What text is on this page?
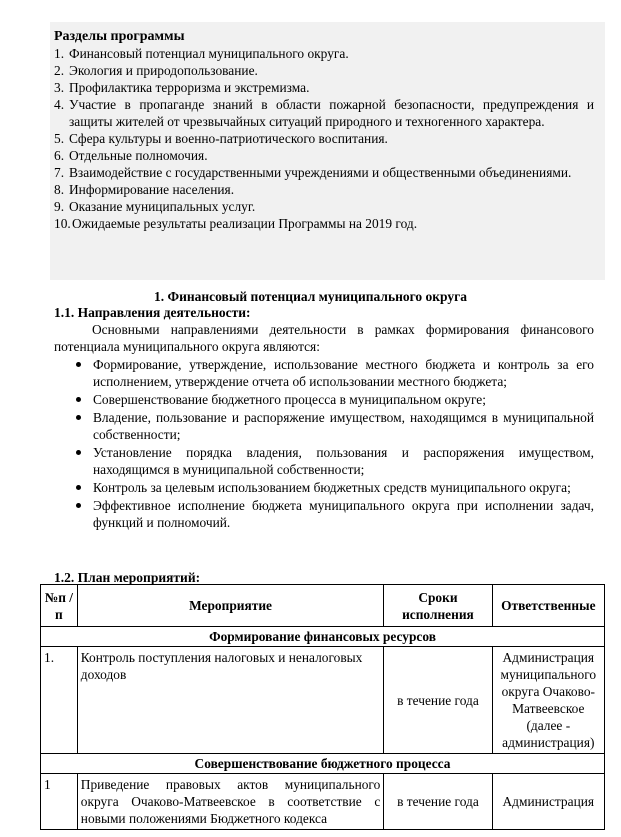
Разделы программы
1. Финансовый потенциал муниципального округа.
2. Экология и природопользование.
3. Профилактика терроризма и экстремизма.
4. Участие в пропаганде знаний в области пожарной безопасности, предупреждения и защиты жителей от чрезвычайных ситуаций природного и техногенного характера.
5. Сфера культуры и военно-патриотического воспитания.
6. Отдельные полномочия.
7. Взаимодействие с государственными учреждениями и общественными объединениями.
8. Информирование населения.
9. Оказание муниципальных услуг.
10. Ожидаемые результаты реализации Программы на 2019 год.
1. Финансовый потенциал муниципального округа
1.1. Направления деятельности:
Основными направлениями деятельности в рамках формирования финансового потенциала муниципального округа являются:
Формирование, утверждение, использование местного бюджета и контроль за его исполнением, утверждение отчета об использовании местного бюджета;
Совершенствование бюджетного процесса в муниципальном округе;
Владение, пользование и распоряжение имуществом, находящимся в муниципальной собственности;
Установление порядка владения, пользования и распоряжения имуществом, находящимся в муниципальной собственности;
Контроль за целевым использованием бюджетных средств муниципального округа;
Эффективное исполнение бюджета муниципального округа при исполнении задач, функций и полномочий.
1.2. План мероприятий:
№п /п	Мероприятие	Сроки исполнения	Ответственные
Формирование финансовых ресурсов			
1.	Контроль поступления налоговых и неналоговых доходов	в течение года	Администрация муниципального округа Очаково-Матвеевское (далее - администрация)
Совершенствование бюджетного процесса			
1	Приведение правовых актов муниципального округа Очаково-Матвеевское в соответствие с новыми положениями Бюджетного кодекса	в течение года	Администрация
